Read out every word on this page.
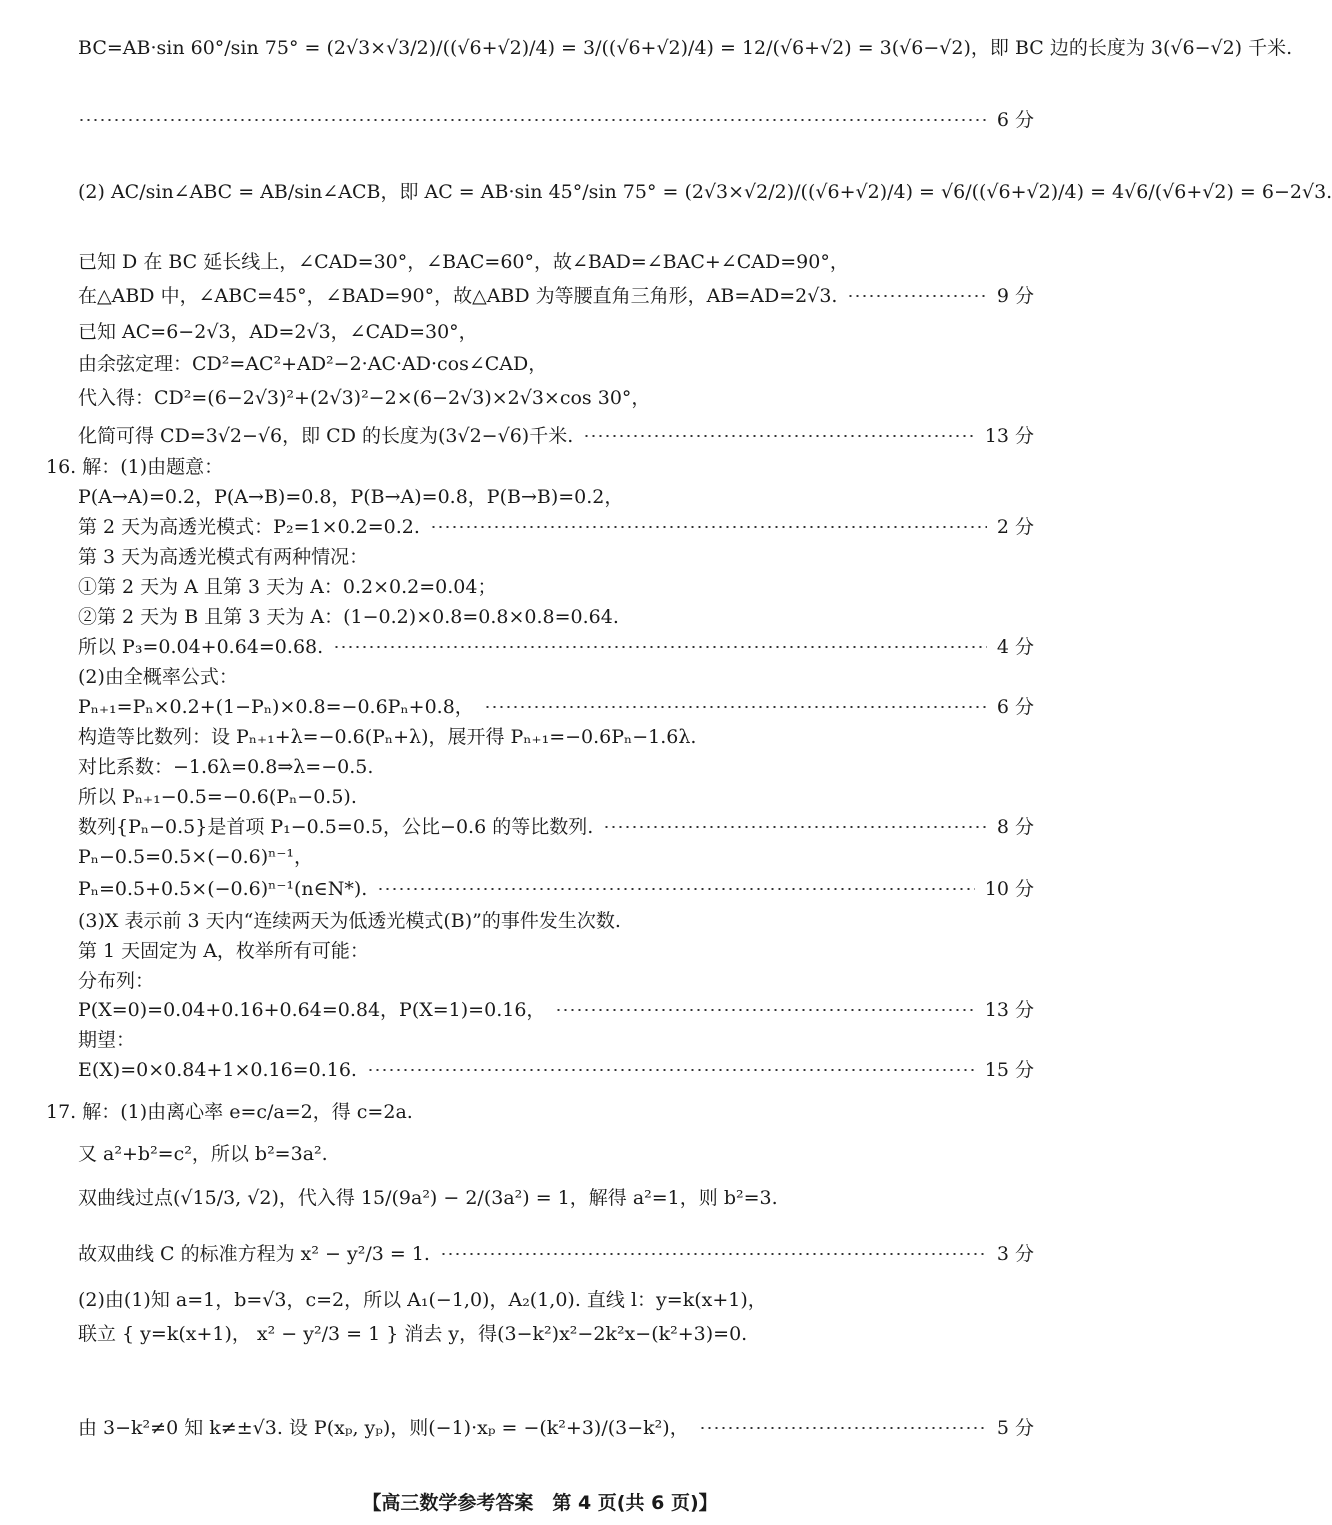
BC=AB·sin 60°/sin 75° = (2√3×√3/2)/((√6+√2)/4) = 3/((√6+√2)/4) = 12/(√6+√2) = 3(√6−√2)，即 BC 边的长度为 3(√6−√2) 千米.
6 分
(2) AC/sin∠ABC = AB/sin∠ACB，即 AC = AB·sin 45°/sin 75° = (2√3×√2/2)/((√6+√2)/4) = √6/((√6+√2)/4) = 4√6/(√6+√2) = 6−2√3.
已知 D 在 BC 延长线上，∠CAD=30°，∠BAC=60°，故∠BAD=∠BAC+∠CAD=90°，
在△ABD 中，∠ABC=45°，∠BAD=90°，故△ABD 为等腰直角三角形，AB=AD=2√3.	9 分
已知 AC=6−2√3，AD=2√3，∠CAD=30°，
由余弦定理：CD²=AC²+AD²−2·AC·AD·cos∠CAD，
代入得：CD²=(6−2√3)²+(2√3)²−2×(6−2√3)×2√3×cos 30°，
化简可得 CD=3√2−√6，即 CD 的长度为(3√2−√6)千米.	13 分
16. 解：(1)由题意：
P(A→A)=0.2，P(A→B)=0.8，P(B→A)=0.8，P(B→B)=0.2，
第 2 天为高透光模式：P₂=1×0.2=0.2.	2 分
第 3 天为高透光模式有两种情况：
①第 2 天为 A 且第 3 天为 A：0.2×0.2=0.04；
②第 2 天为 B 且第 3 天为 A：(1−0.2)×0.8=0.8×0.8=0.64.
所以 P₃=0.04+0.64=0.68.	4 分
(2)由全概率公式：
Pₙ₊₁=Pₙ×0.2+(1−Pₙ)×0.8=−0.6Pₙ+0.8，	6 分
构造等比数列：设 Pₙ₊₁+λ=−0.6(Pₙ+λ)，展开得 Pₙ₊₁=−0.6Pₙ−1.6λ.
对比系数：−1.6λ=0.8⇒λ=−0.5.
所以 Pₙ₊₁−0.5=−0.6(Pₙ−0.5).
数列{Pₙ−0.5}是首项 P₁−0.5=0.5，公比−0.6 的等比数列.	8 分
Pₙ−0.5=0.5×(−0.6)ⁿ⁻¹，
Pₙ=0.5+0.5×(−0.6)ⁿ⁻¹(n∈N*).	10 分
(3)X 表示前 3 天内“连续两天为低透光模式(B)”的事件发生次数.
第 1 天固定为 A，枚举所有可能：
分布列：
P(X=0)=0.04+0.16+0.64=0.84，P(X=1)=0.16，	13 分
期望：
E(X)=0×0.84+1×0.16=0.16.	15 分
17. 解：(1)由离心率 e=c/a=2，得 c=2a.
又 a²+b²=c²，所以 b²=3a².
双曲线过点(√15/3, √2)，代入得 15/(9a²) − 2/(3a²) = 1，解得 a²=1，则 b²=3.
故双曲线 C 的标准方程为 x² − y²/3 = 1.	3 分
(2)由(1)知 a=1，b=√3，c=2，所以 A₁(−1,0)，A₂(1,0). 直线 l：y=k(x+1)，
联立 { y=k(x+1)， x² − y²/3 = 1 } 消去 y，得(3−k²)x²−2k²x−(k²+3)=0.
由 3−k²≠0 知 k≠±√3. 设 P(xₚ, yₚ)，则(−1)·xₚ = −(k²+3)/(3−k²)，	5 分
【高三数学参考答案　第 4 页(共 6 页)】
